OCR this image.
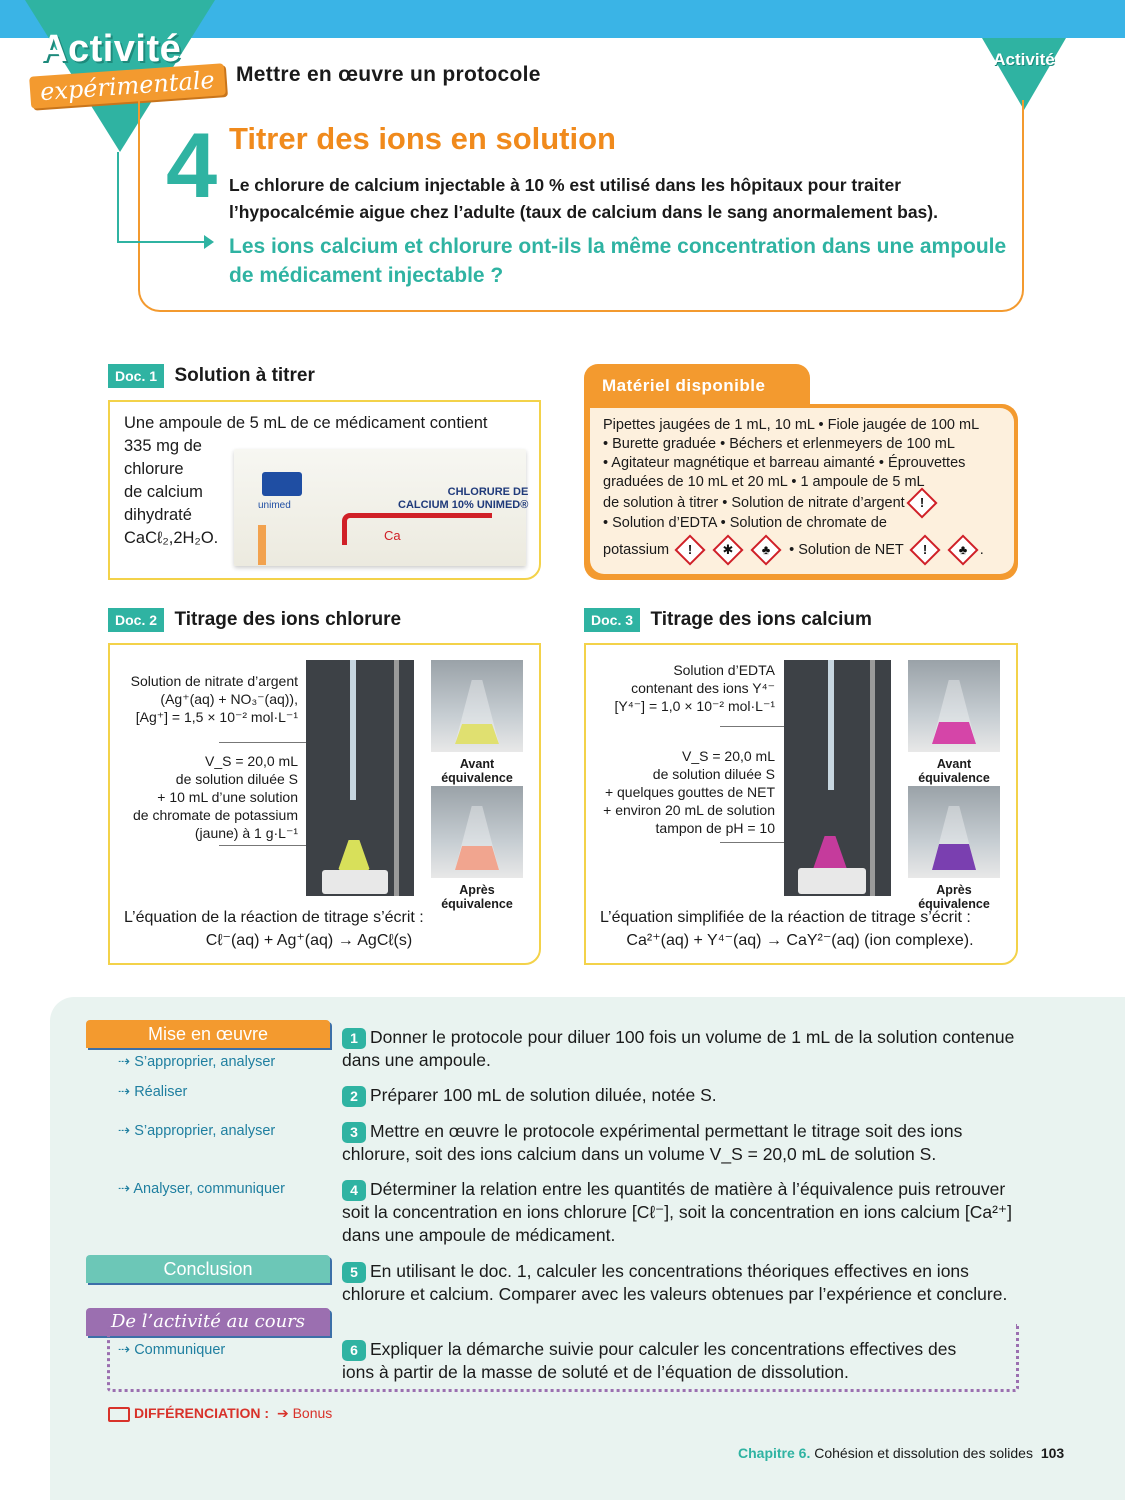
Activité
expérimentale Mettre en œuvre un protocole
Activité
4 Titrer des ions en solution
Le chlorure de calcium injectable à 10 % est utilisé dans les hôpitaux pour traiter l’hypocalcémie aigue chez l’adulte (taux de calcium dans le sang anormalement bas).
Les ions calcium et chlorure ont-ils la même concentration dans une ampoule de médicament injectable ?
Doc. 1 Solution à titrer
Une ampoule de 5 mL de ce médicament contient
335 mg de
chlorure
de calcium
dihydraté
CaCℓ₂,2H₂O.
unimed
CHLORURE DE
CALCIUM 10% UNIMED®
Ca
Matériel disponible
Pipettes jaugées de 1 mL, 10 mL • Fiole jaugée de 100 mL
• Burette graduée • Béchers et erlenmeyers de 100 mL
• Agitateur magnétique et barreau aimanté • Éprouvettes
graduées de 10 mL et 20 mL • 1 ampoule de 5 mL
de solution à titrer • Solution de nitrate d’argent	!
• Solution d’EDTA • Solution de chromate de
potassium	!	✱	♣	• Solution de NET	!	♣ .
Doc. 2 Titrage des ions chlorure
Solution de nitrate d’argent
(Ag⁺(aq) + NO₃⁻(aq)),
[Ag⁺] = 1,5 × 10⁻² mol·L⁻¹
V_S = 20,0 mL
de solution diluée S
+ 10 mL d’une solution
de chromate de potassium
(jaune) à 1 g·L⁻¹
Avant équivalence
Après équivalence
L’équation de la réaction de titrage s’écrit :
Cℓ⁻(aq) + Ag⁺(aq) → AgCℓ(s)
Doc. 3 Titrage des ions calcium
Solution d’EDTA
contenant des ions Y⁴⁻
[Y⁴⁻] = 1,0 × 10⁻² mol·L⁻¹
V_S = 20,0 mL
de solution diluée S
+ quelques gouttes de NET
+ environ 20 mL de solution
tampon de pH = 10
Avant équivalence
Après équivalence
L’équation simplifiée de la réaction de titrage s’écrit :
Ca²⁺(aq) + Y⁴⁻(aq) → CaY²⁻(aq) (ion complexe).
Mise en œuvre
⇢ S’approprier, analyser
⇢ Réaliser
⇢ S’approprier, analyser
⇢ Analyser, communiquer
Conclusion
De l’activité au cours
⇢ Communiquer
1 Donner le protocole pour diluer 100 fois un volume de 1 mL de la solution contenue dans une ampoule.
2 Préparer 100 mL de solution diluée, notée S.
3 Mettre en œuvre le protocole expérimental permettant le titrage soit des ions chlorure, soit des ions calcium dans un volume V_S = 20,0 mL de solution S.
4 Déterminer la relation entre les quantités de matière à l’équivalence puis retrouver soit la concentration en ions chlorure [Cℓ⁻], soit la concentration en ions calcium [Ca²⁺] dans une ampoule de médicament.
5 En utilisant le doc. 1, calculer les concentrations théoriques effectives en ions chlorure et calcium. Comparer avec les valeurs obtenues par l’expérience et conclure.
6 Expliquer la démarche suivie pour calculer les concentrations effectives des ions à partir de la masse de soluté et de l’équation de dissolution.
DIFFÉRENCIATION : ➔ Bonus
Chapitre 6. Cohésion et dissolution des solides 103
